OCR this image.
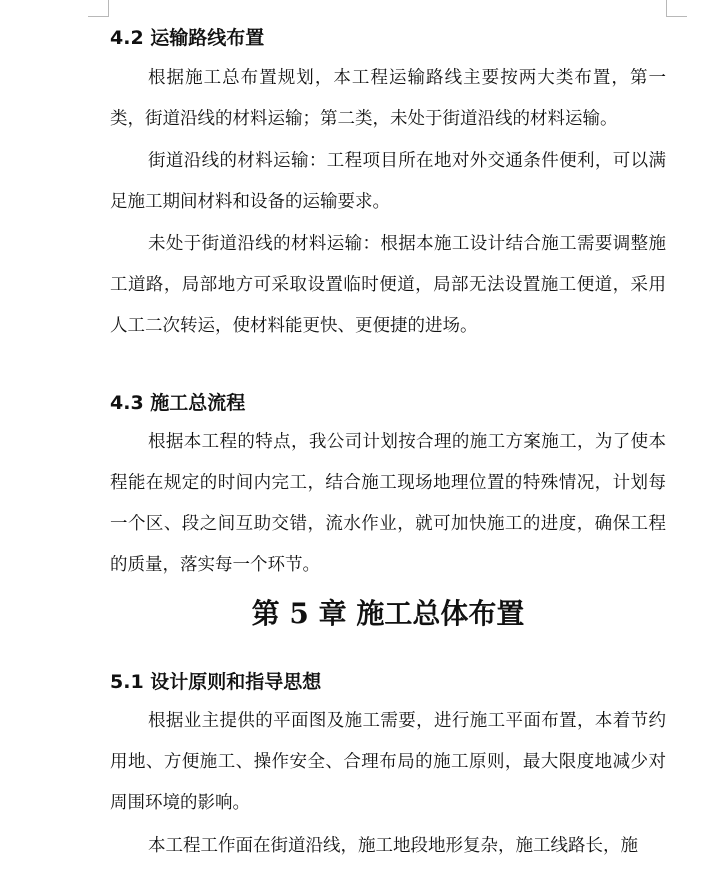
4.2 运输路线布置
根据施工总布置规划，本工程运输路线主要按两大类布置，第一类，街道沿线的材料运输；第二类，未处于街道沿线的材料运输。
街道沿线的材料运输：工程项目所在地对外交通条件便利，可以满足施工期间材料和设备的运输要求。
未处于街道沿线的材料运输：根据本施工设计结合施工需要调整施工道路，局部地方可采取设置临时便道，局部无法设置施工便道，采用人工二次转运，使材料能更快、更便捷的进场。
4.3 施工总流程
根据本工程的特点，我公司计划按合理的施工方案施工，为了使本程能在规定的时间内完工，结合施工现场地理位置的特殊情况，计划每一个区、段之间互助交错，流水作业，就可加快施工的进度，确保工程的质量，落实每一个环节。
第 5 章 施工总体布置
5.1 设计原则和指导思想
根据业主提供的平面图及施工需要，进行施工平面布置，本着节约用地、方便施工、操作安全、合理布局的施工原则，最大限度地减少对周围环境的影响。
本工程工作面在街道沿线，施工地段地形复杂，施工线路长，施
